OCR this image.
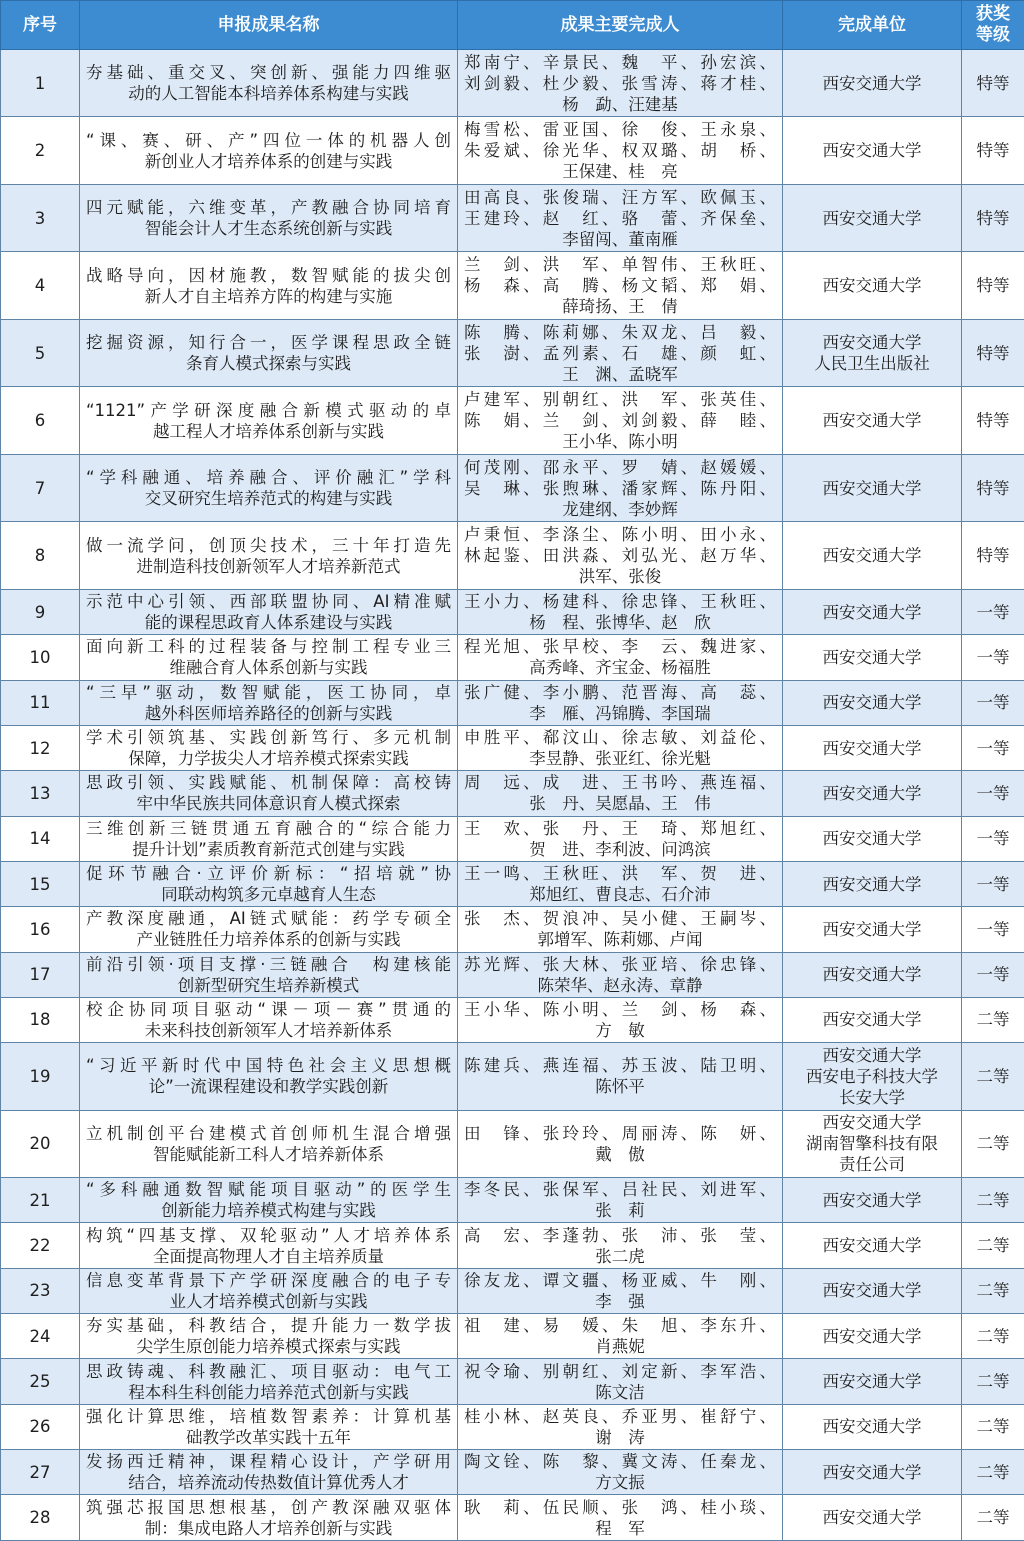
序号	申报成果名称	成果主要完成人	完成单位	获奖
等级

1	夯基础、重交叉、突创新、强能力四维驱
动的人工智能本科培养体系构建与实践	郑南宁、辛景民、魏　平、孙宏滨、
刘剑毅、杜少毅、张雪涛、蒋才桂、
杨　勐、汪建基	西安交通大学	特等
2	“课、赛、研、产”四位一体的机器人创
新创业人才培养体系的创建与实践	梅雪松、雷亚国、徐　俊、王永泉、
朱爱斌、徐光华、权双璐、胡　桥、
王保建、桂　亮	西安交通大学	特等
3	四元赋能，六维变革，产教融合协同培育
智能会计人才生态系统创新与实践	田高良、张俊瑞、汪方军、欧佩玉、
王建玲、赵　红、骆　蕾、齐保垒、
李留闯、董南雁	西安交通大学	特等
4	战略导向，因材施教，数智赋能的拔尖创
新人才自主培养方阵的构建与实施	兰　剑、洪　军、单智伟、王秋旺、
杨　森、高　腾、杨文韬、郑　娟、
薛琦扬、王　倩	西安交通大学	特等
5	挖掘资源，知行合一，医学课程思政全链
条育人模式探索与实践	陈　腾、陈莉娜、朱双龙、吕　毅、
张　澍、孟列素、石　雄、颜　虹、
王　渊、孟晓军	西安交通大学
人民卫生出版社	特等
6	“1121”产学研深度融合新模式驱动的卓
越工程人才培养体系创新与实践	卢建军、别朝红、洪　军、张英佳、
陈　娟、兰　剑、刘剑毅、薛　睦、
王小华、陈小明	西安交通大学	特等
7	“学科融通、培养融合、评价融汇”学科
交叉研究生培养范式的构建与实践	何茂刚、邵永平、罗　婧、赵媛媛、
吴　琳、张煦琳、潘家辉、陈丹阳、
龙建纲、李妙辉	西安交通大学	特等
8	做一流学问，创顶尖技术，三十年打造先
进制造科技创新领军人才培养新范式	卢秉恒、李涤尘、陈小明、田小永、
林起鉴、田洪淼、刘弘光、赵万华、
洪军、张俊	西安交通大学	特等
9	示范中心引领、西部联盟协同、AI精准赋
能的课程思政育人体系建设与实践	王小力、杨建科、徐忠锋、王秋旺、
杨　程、张博华、赵　欣	西安交通大学	一等
10	面向新工科的过程装备与控制工程专业三
维融合育人体系创新与实践	程光旭、张早校、李　云、魏进家、
高秀峰、齐宝金、杨福胜	西安交通大学	一等
11	“三早”驱动，数智赋能，医工协同，卓
越外科医师培养路径的创新与实践	张广健、李小鹏、范晋海、高　蕊、
李　雁、冯锦腾、李国瑞	西安交通大学	一等
12	学术引领筑基、实践创新笃行、多元机制
保障，力学拔尖人才培养模式探索实践	申胜平、郗汶山、徐志敏、刘益伦、
李昱静、张亚红、徐光魁	西安交通大学	一等
13	思政引领、实践赋能、机制保障：高校铸
牢中华民族共同体意识育人模式探索	周　远、成　进、王书吟、燕连福、
张　丹、吴愿晶、王　伟	西安交通大学	一等
14	三维创新三链贯通五育融合的“综合能力
提升计划”素质教育新范式创建与实践	王　欢、张　丹、王　琦、郑旭红、
贺　进、李利波、问鸿滨	西安交通大学	一等
15	促环节融合·立评价新标：“招培就”协
同联动构筑多元卓越育人生态	王一鸣、王秋旺、洪　军、贺　进、
郑旭红、曹良志、石介沛	西安交通大学	一等
16	产教深度融通，AI链式赋能：药学专硕全
产业链胜任力培养体系的创新与实践	张　杰、贺浪冲、吴小健、王嗣岑、
郭增军、陈莉娜、卢闻	西安交通大学	一等
17	前沿引领·项目支撑·三链融合　构建核能
创新型研究生培养新模式	苏光辉、张大林、张亚培、徐忠锋、
陈荣华、赵永涛、章静	西安交通大学	一等
18	校企协同项目驱动“课－项－赛”贯通的
未来科技创新领军人才培养新体系	王小华、陈小明、兰　剑、杨　森、
方　敏	西安交通大学	二等
19	“习近平新时代中国特色社会主义思想概
论”一流课程建设和教学实践创新	陈建兵、燕连福、苏玉波、陆卫明、
陈怀平	西安交通大学
西安电子科技大学
长安大学	二等
20	立机制创平台建模式首创师机生混合增强
智能赋能新工科人才培养新体系	田　锋、张玲玲、周丽涛、陈　妍、
戴　傲	西安交通大学
湖南智擎科技有限
责任公司	二等
21	“多科融通数智赋能项目驱动”的医学生
创新能力培养模式构建与实践	李冬民、张保军、吕社民、刘进军、
张　莉	西安交通大学	二等
22	构筑“四基支撑、双轮驱动”人才培养体系
全面提高物理人才自主培养质量	高　宏、李蓬勃、张　沛、张　莹、
张二虎	西安交通大学	二等
23	信息变革背景下产学研深度融合的电子专
业人才培养模式创新与实践	徐友龙、谭文疆、杨亚威、牛　刚、
李　强	西安交通大学	二等
24	夯实基础，科教结合，提升能力一数学拔
尖学生原创能力培养模式探索与实践	祖　建、易　媛、朱　旭、李东升、
肖燕妮	西安交通大学	二等
25	思政铸魂、科教融汇、项目驱动：电气工
程本科生科创能力培养范式创新与实践	祝令瑜、别朝红、刘定新、李军浩、
陈文洁	西安交通大学	二等
26	强化计算思维，培植数智素养：计算机基
础教学改革实践十五年	桂小林、赵英良、乔亚男、崔舒宁、
谢　涛	西安交通大学	二等
27	发扬西迁精神，课程精心设计，产学研用
结合，培养流动传热数值计算优秀人才	陶文铨、陈　黎、冀文涛、任秦龙、
方文振	西安交通大学	二等
28	筑强芯报国思想根基，创产教深融双驱体
制：集成电路人才培养创新与实践	耿　莉、伍民顺、张　鸿、桂小琰、
程　军	西安交通大学	二等
